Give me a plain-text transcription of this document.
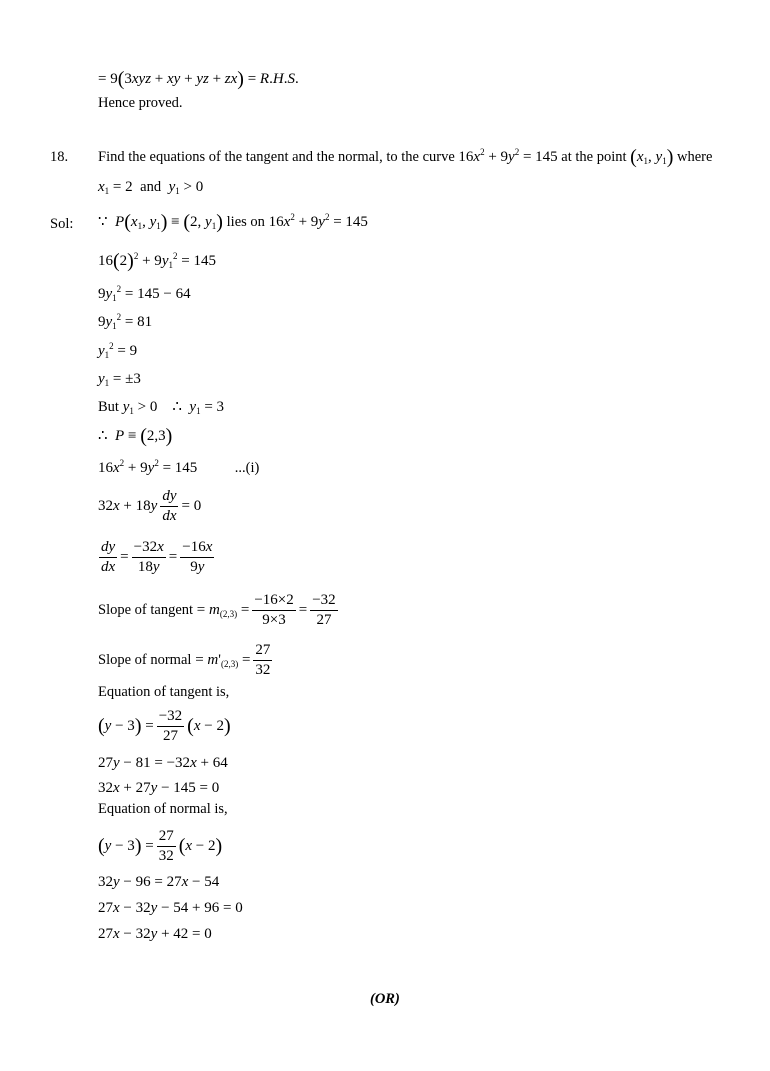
= 9(3xyz + xy + yz + zx) = R.H.S.
Hence proved.
18. Find the equations of the tangent and the normal, to the curve $16x^2 + 9y^2 = 145$ at the point ($x_1$, $y_1$) where
$x_1 = 2$  and $y_1 > 0$
Sol: ∵  $P(x_1$, $y_1) \equiv (2$, $y_1$) lies on $16x^2 + 9y^2 = 145$
$16(2)^2 + 9y_1^2 = 145$
$9y_1^2 = 145 - 64$
$9y_1^2 = 81$
$y_1^2 = 9$
$y_1 = \pm 3$
But $y_1 > 0$    ∴  $y_1 = 3$
∴  P ≡ (2,3)
$16x^2 + 9y^2 = 145$          ...(i)
$32x + 18y \frac{dy}{dx} = 0$
$\frac{dy}{dx} = \frac{-32x}{18y} = \frac{-16x}{9y}$
Slope of tangent = $m_{(2,3)} = \frac{-16\times 2}{9\times 3} = \frac{-32}{27}$
Slope of normal = $m'_{(2,3)} = \frac{27}{32}$
Equation of tangent is,
$(y - 3) = \frac{-32}{27} (x - 2)$
27y − 81 = −32x + 64
32x + 27y − 145 = 0
Equation of normal is,
$(y - 3) = \frac{27}{32} (x - 2)$
32y − 96 = 27x − 54
27x − 32y − 54 + 96 = 0
27x − 32y + 42 = 0
(OR)
